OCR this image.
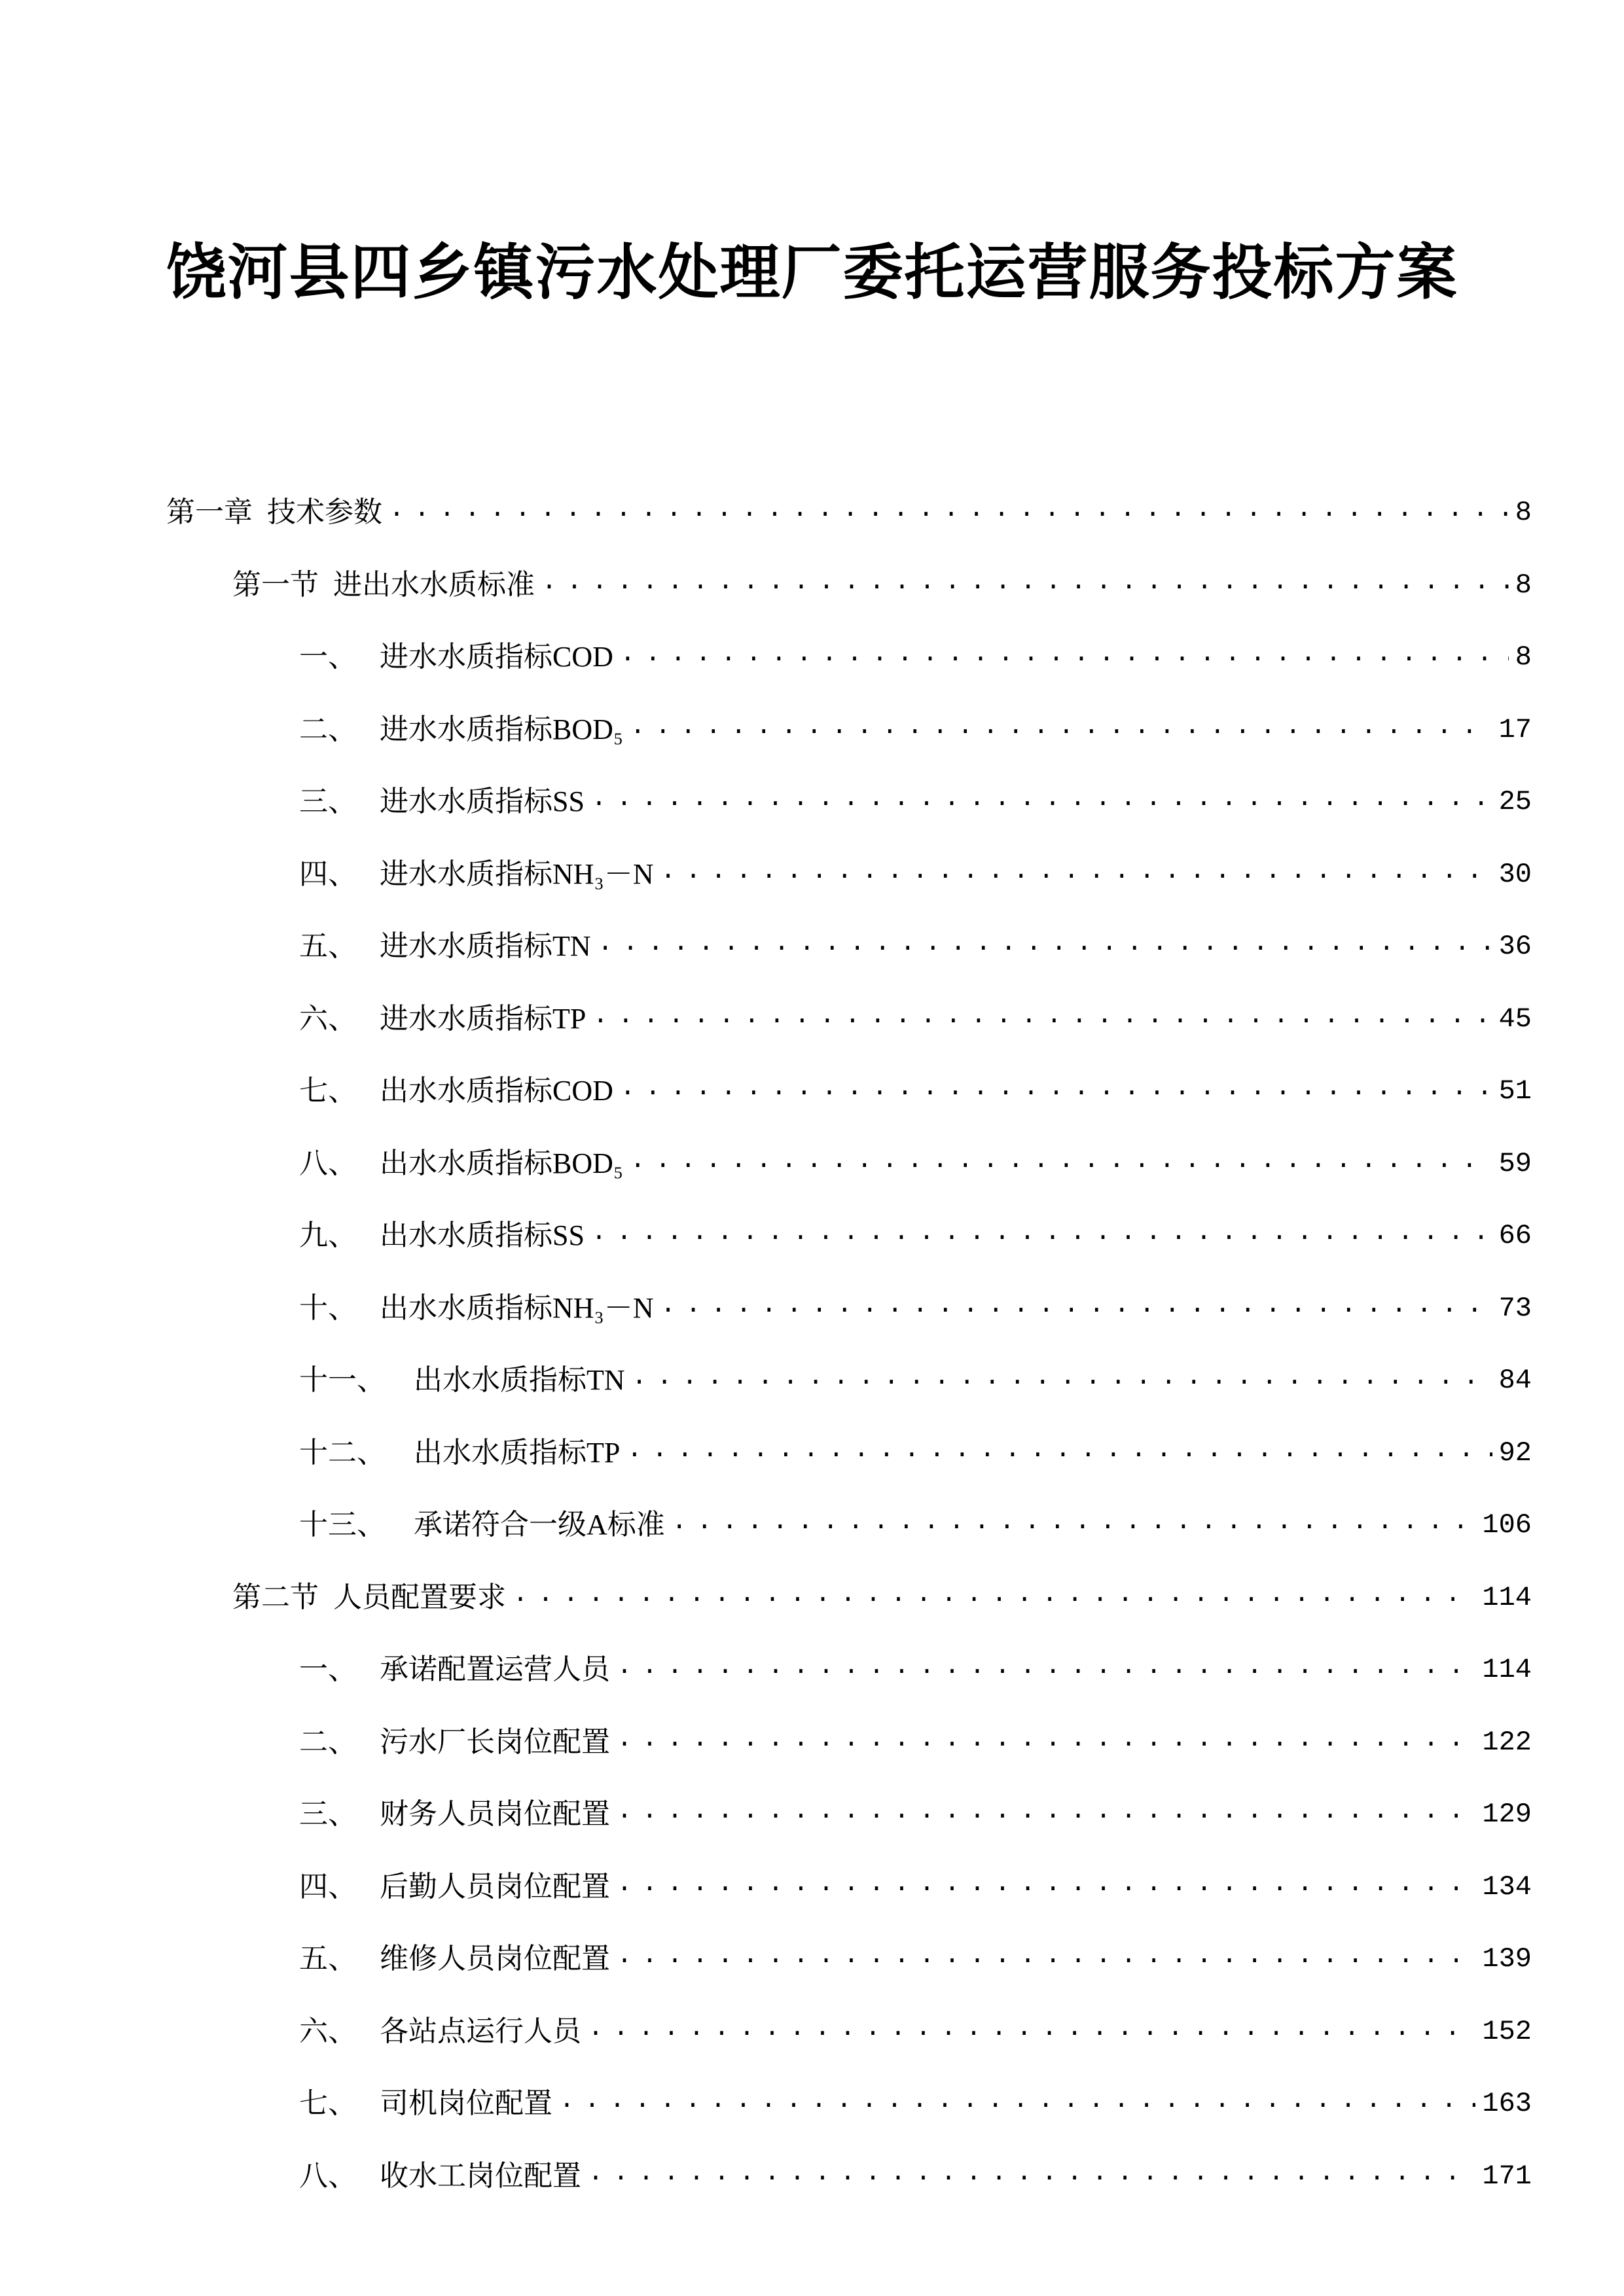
饶河县四乡镇污水处理厂委托运营服务投标方案
第一章 技术参数 .....	8
第一节 进出水水质标准 .....	8
一、 进水水质指标COD .....	8
二、 进水水质指标BOD₅ .....	17
三、 进水水质指标SS .....	25
四、 进水水质指标NH₃－N .....	30
五、 进水水质指标TN .....	36
六、 进水水质指标TP .....	45
七、 出水水质指标COD .....	51
八、 出水水质指标BOD₅ .....	59
九、 出水水质指标SS .....	66
十、 出水水质指标NH₃－N .....	73
十一、 出水水质指标TN .....	84
十二、 出水水质指标TP .....	92
十三、 承诺符合一级A标准 .....	106
第二节 人员配置要求 .....	114
一、 承诺配置运营人员 .....	114
二、 污水厂长岗位配置 .....	122
三、 财务人员岗位配置 .....	129
四、 后勤人员岗位配置 .....	134
五、 维修人员岗位配置 .....	139
六、 各站点运行人员 .....	152
七、 司机岗位配置 .....	163
八、 收水工岗位配置 .....	171
